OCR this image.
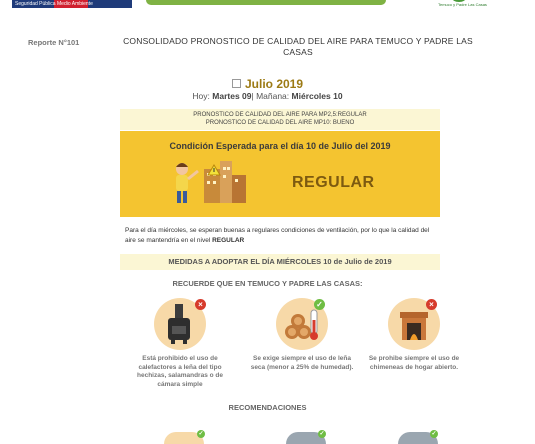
Seguridad Pública Medio Ambiente	Temuco y Padre Las Casas
Reporte N°101	CONSOLIDADO PRONOSTICO DE CALIDAD DEL AIRE PARA TEMUCO Y PADRE LAS CASAS
Julio 2019
Hoy: Martes 09| Mañana: Miércoles 10
PRONOSTICO DE CALIDAD DEL AIRE PARA MP2,5:REGULAR
PRONOSTICO DE CALIDAD DEL AIRE MP10: BUENO
Condición Esperada para el día 10 de Julio del 2019
REGULAR
Para el día miércoles, se esperan buenas a regulares condiciones de ventilación, por lo que la calidad del aire se mantendría en el nivel REGULAR
MEDIDAS A ADOPTAR EL DÍA MIÉRCOLES 10 de Julio de 2019
RECUERDE QUE EN TEMUCO Y PADRE LAS CASAS:
×
Está prohibido el uso de calefactores a leña del tipo hechizas, salamandras o de cámara simple
✓
Se exige siempre el uso de leña seca (menor a 25% de humedad).
×
Se prohibe siempre el uso de chimeneas de hogar abierto.
RECOMENDACIONES
✓	✓	✓
